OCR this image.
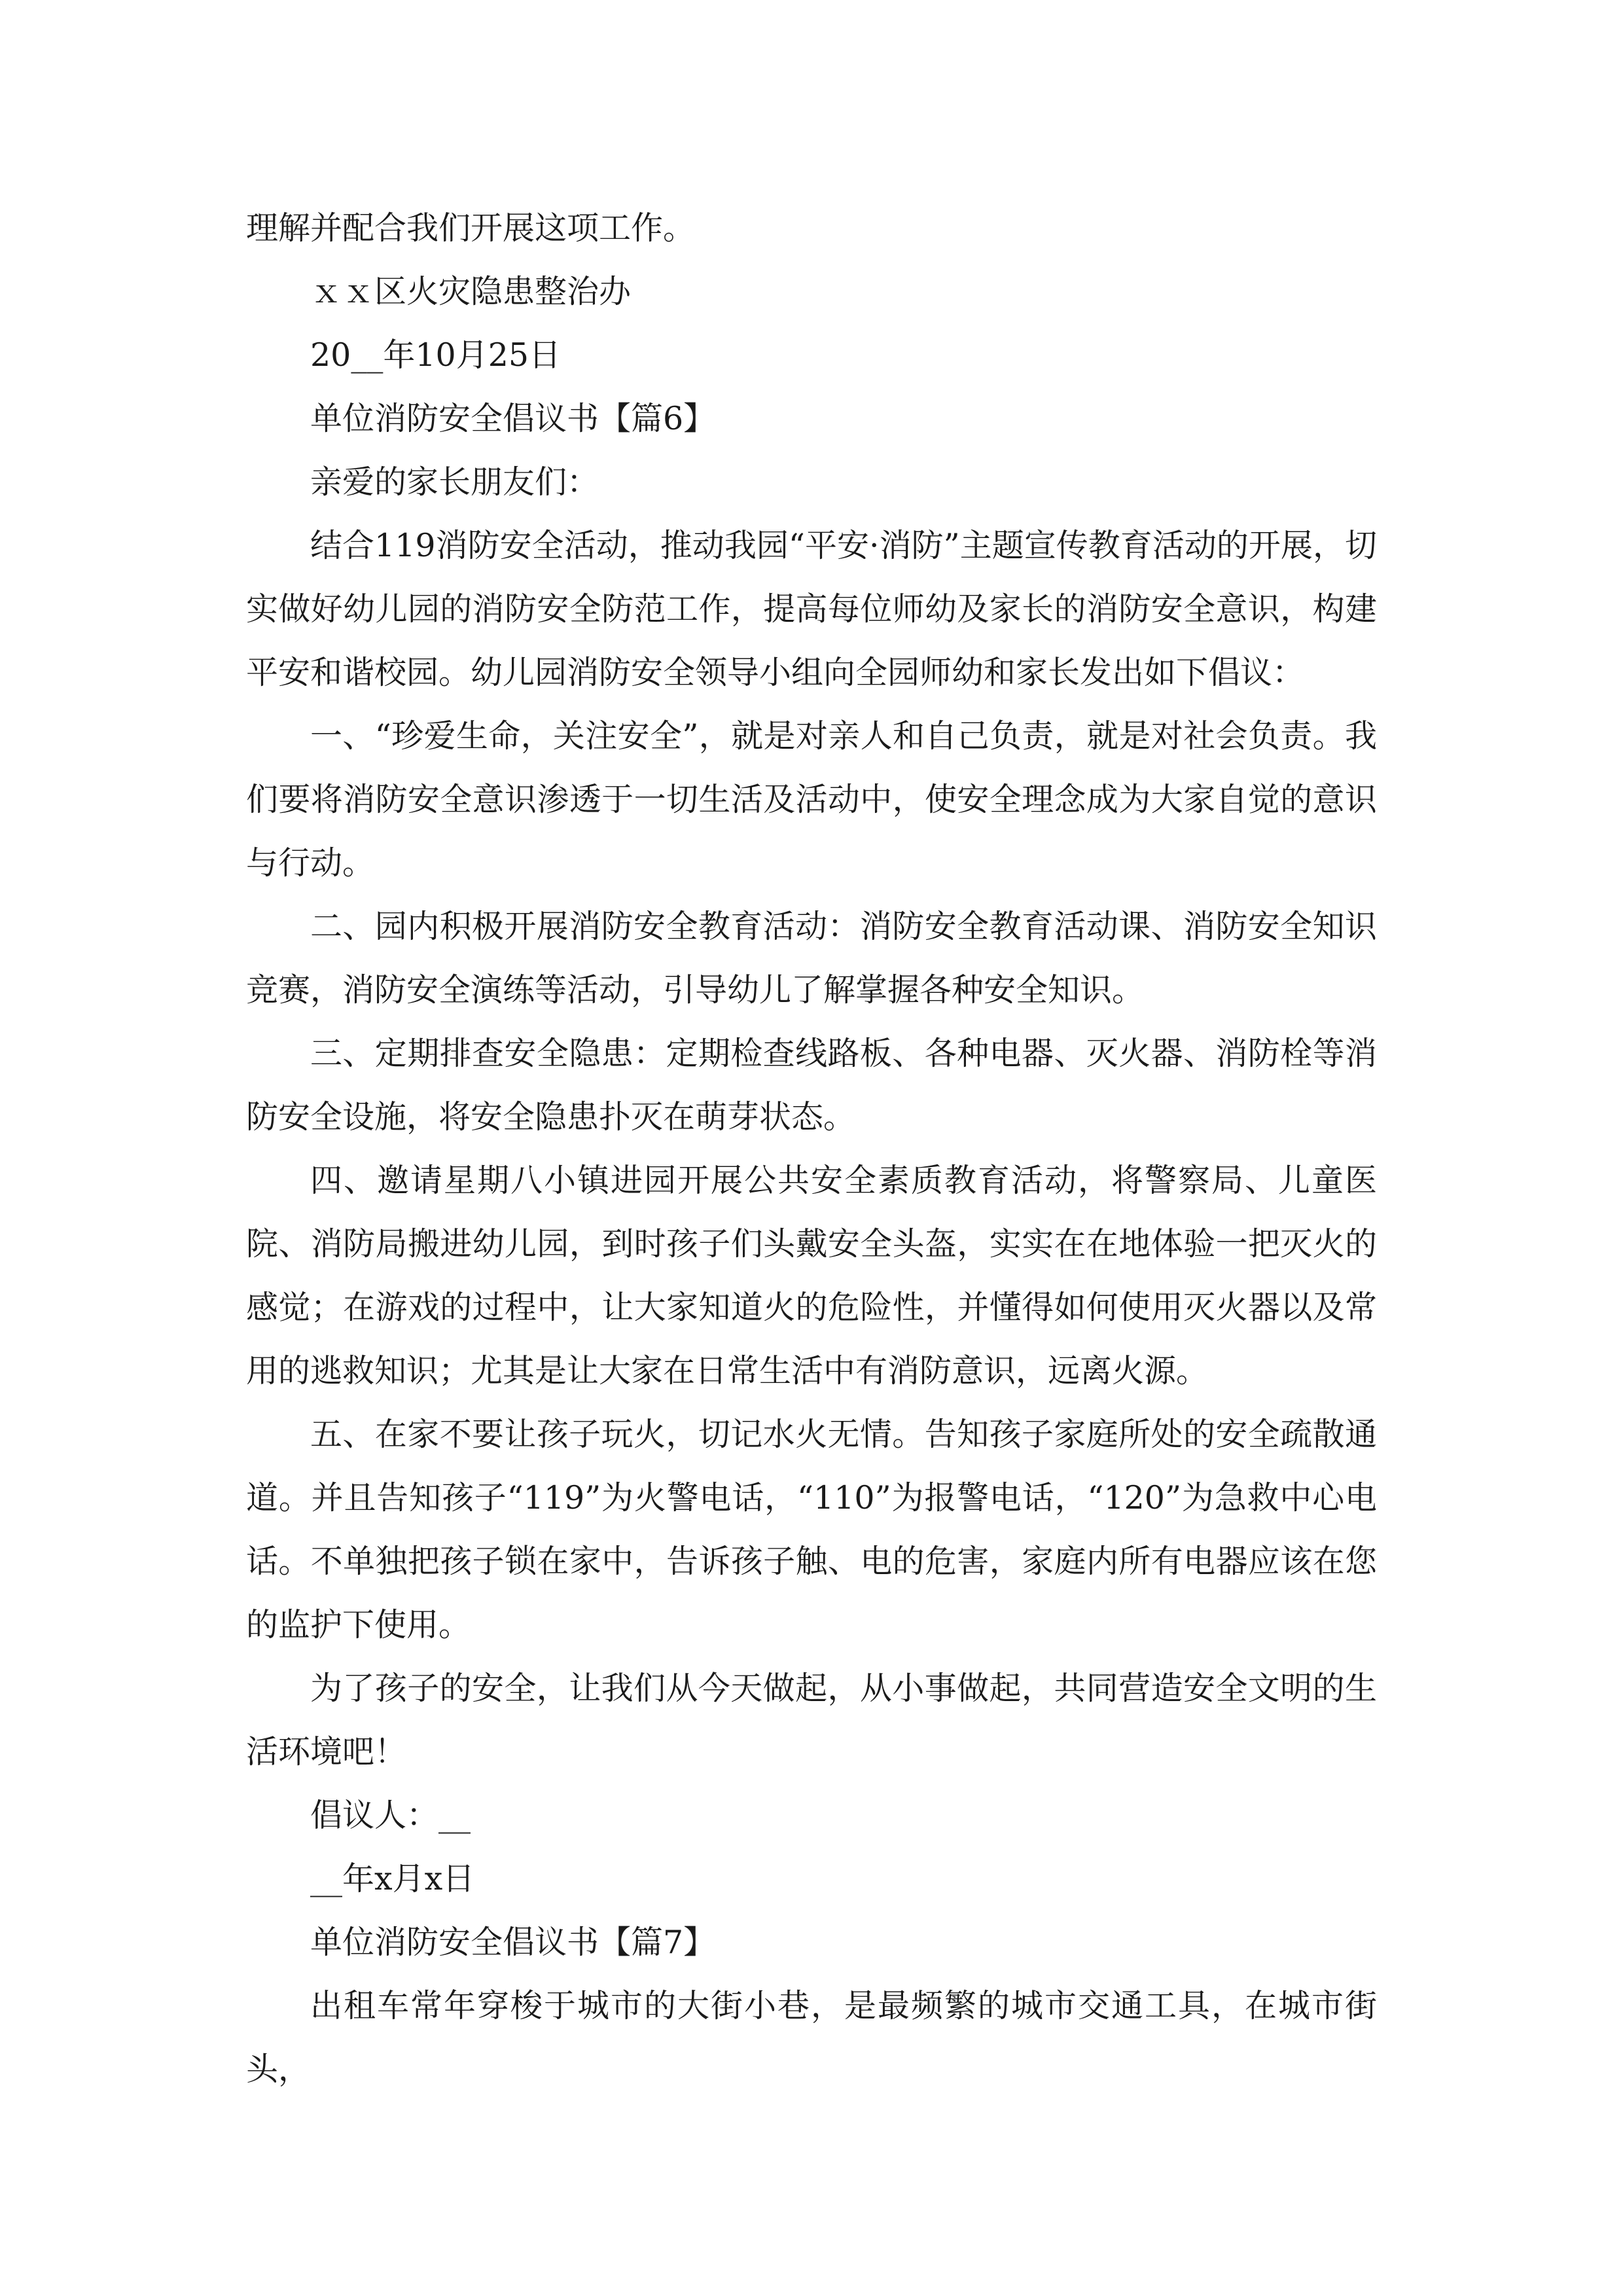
理解并配合我们开展这项工作。

ｘｘ区火灾隐患整治办

20__年10月25日

单位消防安全倡议书【篇6】

亲爱的家长朋友们：

结合119消防安全活动，推动我园“平安·消防”主题宣传教育活动的开展，切实做好幼儿园的消防安全防范工作，提高每位师幼及家长的消防安全意识，构建平安和谐校园。幼儿园消防安全领导小组向全园师幼和家长发出如下倡议：

一、“珍爱生命，关注安全”，就是对亲人和自己负责，就是对社会负责。我们要将消防安全意识渗透于一切生活及活动中，使安全理念成为大家自觉的意识与行动。

二、园内积极开展消防安全教育活动：消防安全教育活动课、消防安全知识竞赛，消防安全演练等活动，引导幼儿了解掌握各种安全知识。

三、定期排查安全隐患：定期检查线路板、各种电器、灭火器、消防栓等消防安全设施，将安全隐患扑灭在萌芽状态。

四、邀请星期八小镇进园开展公共安全素质教育活动，将警察局、儿童医院、消防局搬进幼儿园，到时孩子们头戴安全头盔，实实在在地体验一把灭火的感觉；在游戏的过程中，让大家知道火的危险性，并懂得如何使用灭火器以及常用的逃救知识；尤其是让大家在日常生活中有消防意识，远离火源。

五、在家不要让孩子玩火，切记水火无情。告知孩子家庭所处的安全疏散通道。并且告知孩子“119”为火警电话，“110”为报警电话，“120”为急救中心电话。不单独把孩子锁在家中，告诉孩子触、电的危害，家庭内所有电器应该在您的监护下使用。

为了孩子的安全，让我们从今天做起，从小事做起，共同营造安全文明的生活环境吧！

倡议人：__

__年x月x日

单位消防安全倡议书【篇7】

出租车常年穿梭于城市的大街小巷，是最频繁的城市交通工具，在城市街头，
